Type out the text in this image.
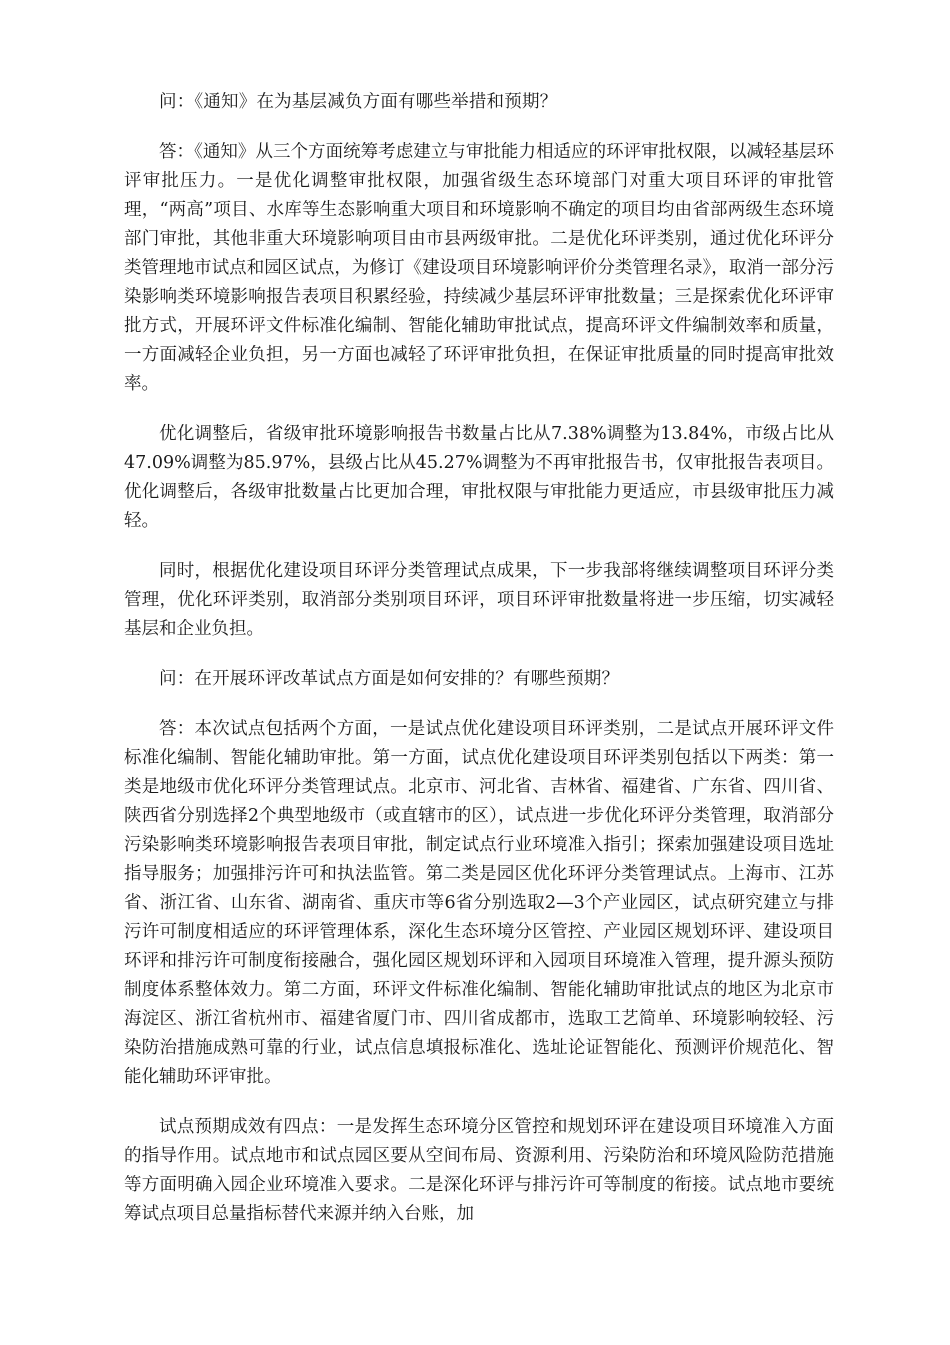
问：《通知》在为基层减负方面有哪些举措和预期？

答：《通知》从三个方面统筹考虑建立与审批能力相适应的环评审批权限，以减轻基层环评审批压力。一是优化调整审批权限，加强省级生态环境部门对重大项目环评的审批管理，“两高”项目、水库等生态影响重大项目和环境影响不确定的项目均由省部两级生态环境部门审批，其他非重大环境影响项目由市县两级审批。二是优化环评类别，通过优化环评分类管理地市试点和园区试点，为修订《建设项目环境影响评价分类管理名录》，取消一部分污染影响类环境影响报告表项目积累经验，持续减少基层环评审批数量；三是探索优化环评审批方式，开展环评文件标准化编制、智能化辅助审批试点，提高环评文件编制效率和质量，一方面减轻企业负担，另一方面也减轻了环评审批负担，在保证审批质量的同时提高审批效率。

优化调整后，省级审批环境影响报告书数量占比从7.38%调整为13.84%，市级占比从47.09%调整为85.97%，县级占比从45.27%调整为不再审批报告书，仅审批报告表项目。优化调整后，各级审批数量占比更加合理，审批权限与审批能力更适应，市县级审批压力减轻。

同时，根据优化建设项目环评分类管理试点成果，下一步我部将继续调整项目环评分类管理，优化环评类别，取消部分类别项目环评，项目环评审批数量将进一步压缩，切实减轻基层和企业负担。

问：在开展环评改革试点方面是如何安排的？有哪些预期？

答：本次试点包括两个方面，一是试点优化建设项目环评类别，二是试点开展环评文件标准化编制、智能化辅助审批。第一方面，试点优化建设项目环评类别包括以下两类：第一类是地级市优化环评分类管理试点。北京市、河北省、吉林省、福建省、广东省、四川省、陕西省分别选择2个典型地级市（或直辖市的区），试点进一步优化环评分类管理，取消部分污染影响类环境影响报告表项目审批，制定试点行业环境准入指引；探索加强建设项目选址指导服务；加强排污许可和执法监管。第二类是园区优化环评分类管理试点。上海市、江苏省、浙江省、山东省、湖南省、重庆市等6省分别选取2—3个产业园区，试点研究建立与排污许可制度相适应的环评管理体系，深化生态环境分区管控、产业园区规划环评、建设项目环评和排污许可制度衔接融合，强化园区规划环评和入园项目环境准入管理，提升源头预防制度体系整体效力。第二方面，环评文件标准化编制、智能化辅助审批试点的地区为北京市海淀区、浙江省杭州市、福建省厦门市、四川省成都市，选取工艺简单、环境影响较轻、污染防治措施成熟可靠的行业，试点信息填报标准化、选址论证智能化、预测评价规范化、智能化辅助环评审批。

试点预期成效有四点：一是发挥生态环境分区管控和规划环评在建设项目环境准入方面的指导作用。试点地市和试点园区要从空间布局、资源利用、污染防治和环境风险防范措施等方面明确入园企业环境准入要求。二是深化环评与排污许可等制度的衔接。试点地市要统筹试点项目总量指标替代来源并纳入台账，加
